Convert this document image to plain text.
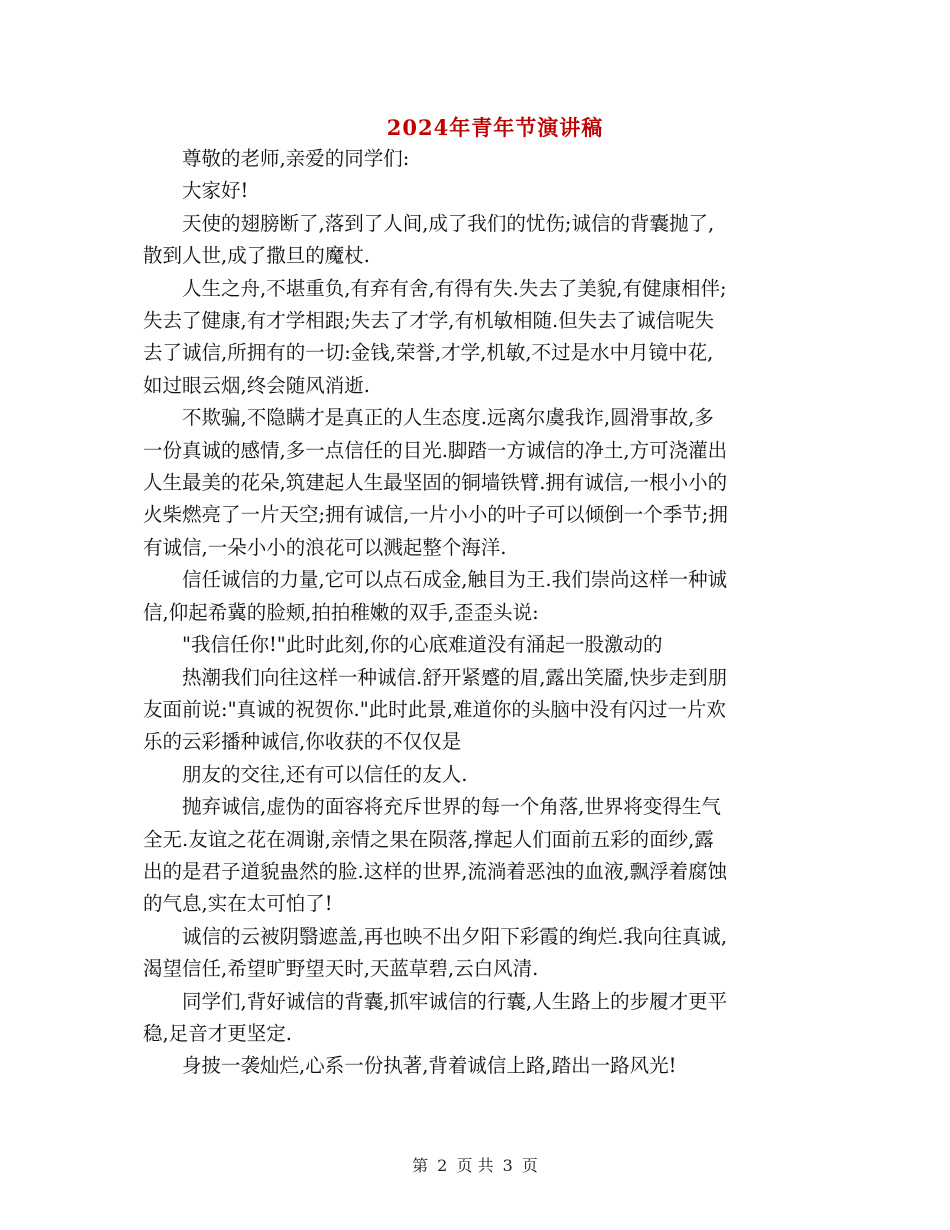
2024年青年节演讲稿

尊敬的老师,亲爱的同学们:

大家好!

天使的翅膀断了,落到了人间,成了我们的忧伤;诚信的背囊抛了,

散到人世,成了撒旦的魔杖.

人生之舟,不堪重负,有弃有舍,有得有失.失去了美貌,有健康相伴;

失去了健康,有才学相跟;失去了才学,有机敏相随.但失去了诚信呢失

去了诚信,所拥有的一切:金钱,荣誉,才学,机敏,不过是水中月镜中花,

如过眼云烟,终会随风消逝.

不欺骗,不隐瞒才是真正的人生态度.远离尔虞我诈,圆滑事故,多

一份真诚的感情,多一点信任的目光.脚踏一方诚信的净土,方可浇灌出

人生最美的花朵,筑建起人生最坚固的铜墙铁臂.拥有诚信,一根小小的

火柴燃亮了一片天空;拥有诚信,一片小小的叶子可以倾倒一个季节;拥

有诚信,一朵小小的浪花可以溅起整个海洋.

信任诚信的力量,它可以点石成金,触目为王.我们崇尚这样一种诚

信,仰起希冀的脸颊,拍拍稚嫩的双手,歪歪头说:

"我信任你!"此时此刻,你的心底难道没有涌起一股激动的

热潮我们向往这样一种诚信.舒开紧蹙的眉,露出笑靥,快步走到朋

友面前说:"真诚的祝贺你."此时此景,难道你的头脑中没有闪过一片欢

乐的云彩播种诚信,你收获的不仅仅是

朋友的交往,还有可以信任的友人.

抛弃诚信,虚伪的面容将充斥世界的每一个角落,世界将变得生气

全无.友谊之花在凋谢,亲情之果在陨落,撑起人们面前五彩的面纱,露

出的是君子道貌蛊然的脸.这样的世界,流淌着恶浊的血液,飘浮着腐蚀

的气息,实在太可怕了!

诚信的云被阴翳遮盖,再也映不出夕阳下彩霞的绚烂.我向往真诚,

渴望信任,希望旷野望天时,天蓝草碧,云白风清.

同学们,背好诚信的背囊,抓牢诚信的行囊,人生路上的步履才更平

稳,足音才更坚定.

身披一袭灿烂,心系一份执著,背着诚信上路,踏出一路风光!

第 2 页 共 3 页
